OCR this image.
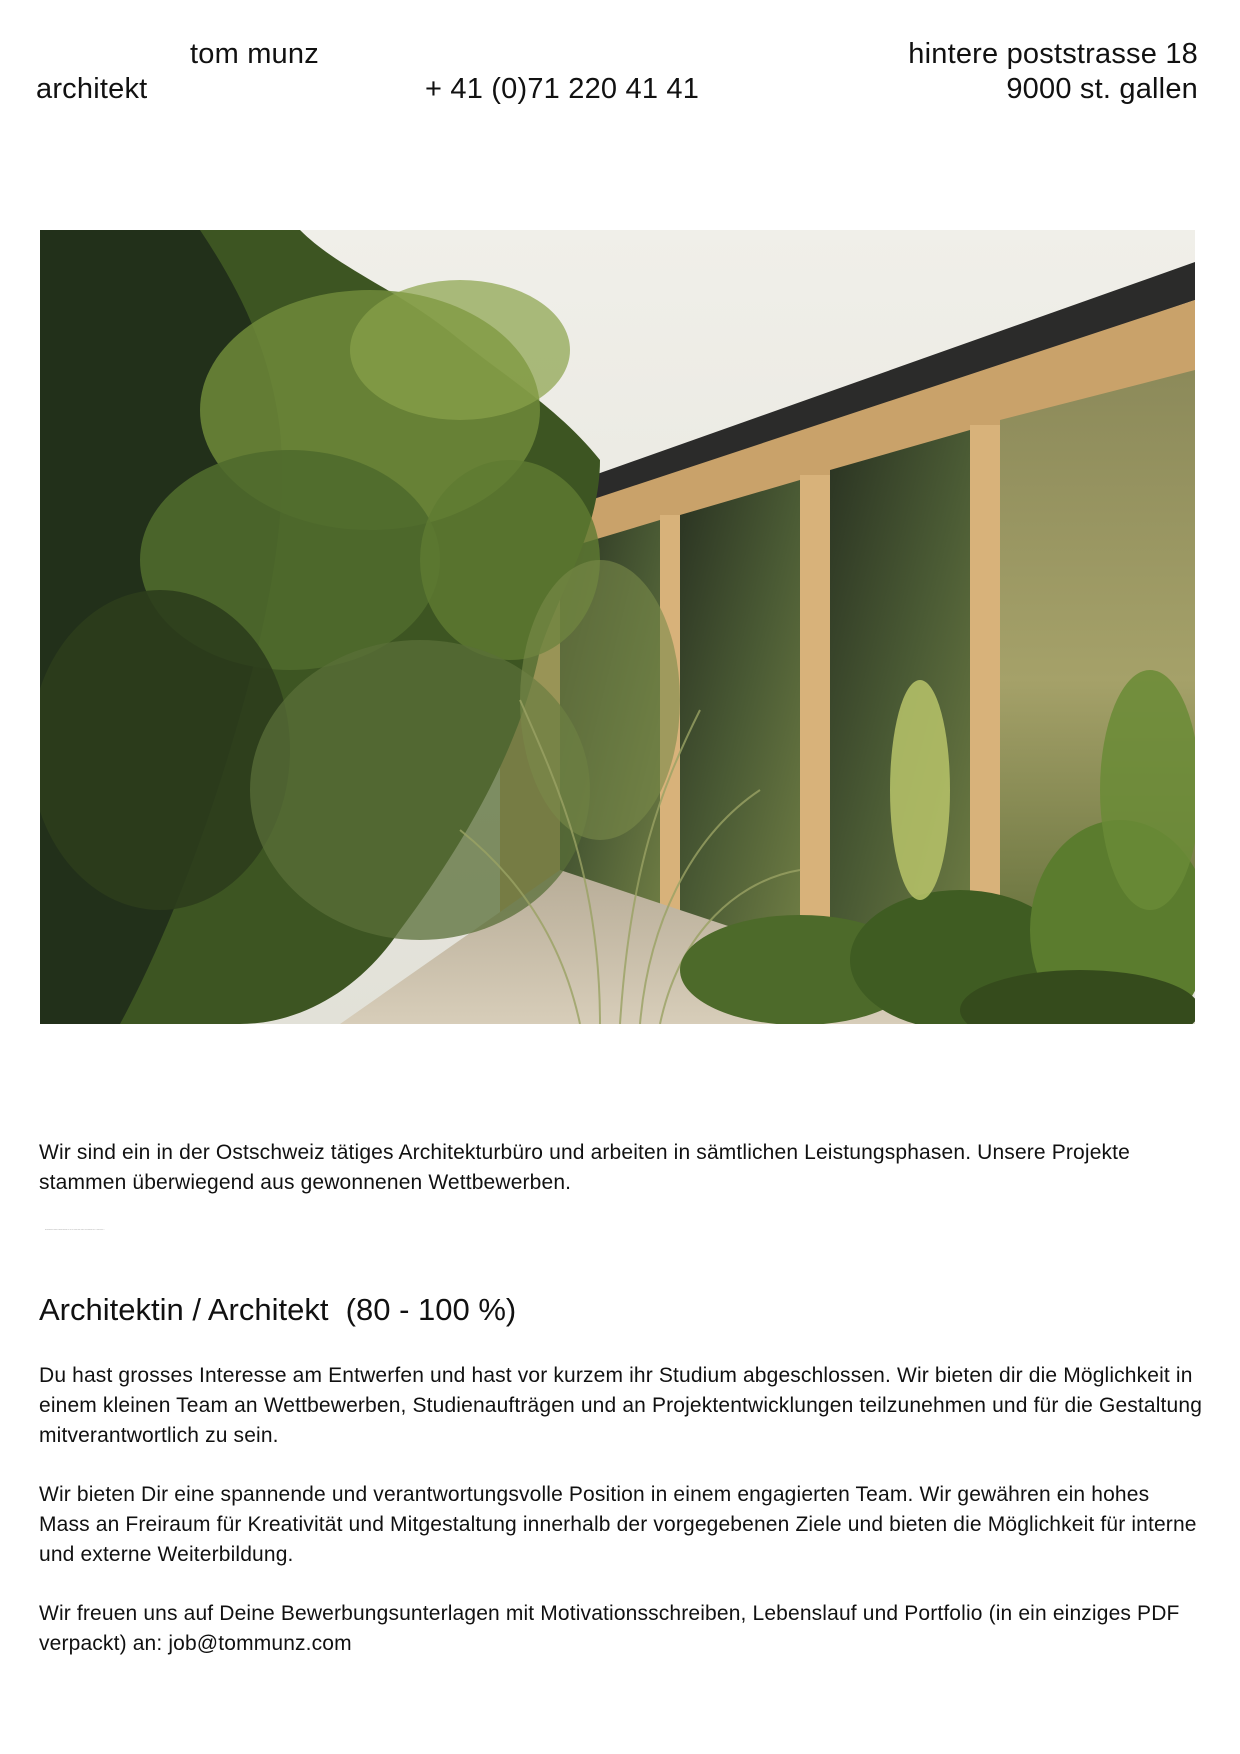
tom munz
architekt	+ 41 (0)71 220 41 41
hintere poststrasse 18
9000 st. gallen
Wir sind ein in der Ostschweiz tätiges Architekturbüro und arbeiten in sämtlichen Leistungsphasen. Unsere Projekte stammen überwiegend aus gewonnenen Wettbewerben.
Zur Ergänzung unseres Teams suchen wir für per sofort oder nach Vereinbarung eine/ n motivierte/ n
Architektin / Architekt  (80 - 100 %)
Du hast grosses Interesse am Entwerfen und hast vor kurzem ihr Studium abgeschlossen. Wir bieten dir die Möglichkeit in einem kleinen Team an Wettbewerben, Studienaufträgen und an Projektentwicklungen teilzunehmen und für die Gestaltung mitverantwortlich zu sein.
Wir bieten Dir eine spannende und verantwortungsvolle Position in einem engagierten Team. Wir gewähren ein hohes Mass an Freiraum für Kreativität und Mitgestaltung innerhalb der vorgegebenen Ziele und bieten die Möglichkeit für interne und externe Weiterbildung.
Wir freuen uns auf Deine Bewerbungsunterlagen mit Motivationsschreiben, Lebenslauf und Portfolio (in ein einziges PDF verpackt) an: job@tommunz.com
